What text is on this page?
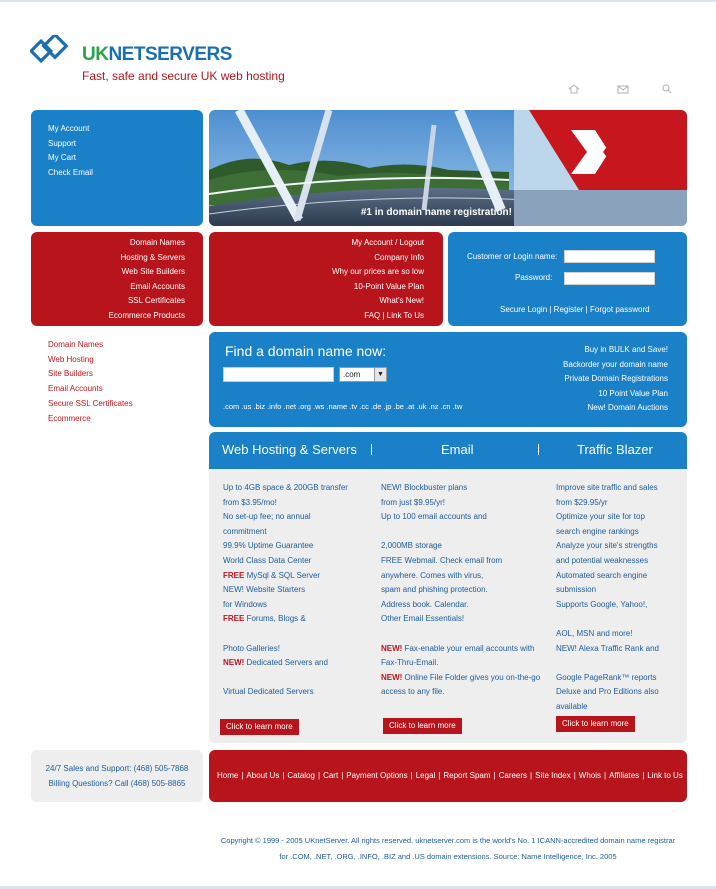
UKNETSERVERS
Fast, safe and secure UK web hosting
My Account
Support
My Cart
Check Email
#1 in domain name registration!
Domain Names
Hosting & Servers
Web Site Builders
Email Accounts
SSL Certificates
Ecommerce Products
My Account / Logout
Company Info
Why our prices are so low
10-Point Value Plan
What's New!
FAQ | Link To Us
Customer or Login name:
Password:
Secure Login | Register | Forgot password
Domain Names
Web Hosting
Site Builders
Email Accounts
Secure SSL Certificates
Ecommerce
Find a domain name now:
.com	▼
.com .us .biz .info .net .org .ws .name .tv .cc .de .jp .be .at .uk .nz .cn .tw
Buy in BULK and Save!
Backorder your domain name
Private Domain Registrations
10 Point Value Plan
New! Domain Auctions
Web Hosting & Servers	Email	Traffic Blazer
Up to 4GB space & 200GB transfer
from $3.95/mo!
No set-up fee; no annual
commitment
99.9% Uptime Guarantee
World Class Data Center
FREE MySql & SQL Server
NEW! Website Starters
for Windows
FREE Forums, Blogs &

Photo Galleries!
NEW! Dedicated Servers and

Virtual Dedicated Servers
NEW! Blockbuster plans
from just $9.95/yr!
Up to 100 email accounts and

2,000MB storage
FREE Webmail. Check email from
anywhere. Comes with virus,
spam and phishing protection.
Address book. Calendar.
Other Email Essentials!

NEW! Fax-enable your email accounts with
Fax-Thru-Email.
NEW! Online File Folder gives you on-the-go
access to any file.
Improve site traffic and sales
from $29.95/yr
Optimize your site for top
search engine rankings
Analyze your site's strengths
and potential weaknesses
Automated search engine
submission
Supports Google, Yahoo!,

AOL, MSN and more!
NEW! Alexa Traffic Rank and

Google PageRank™ reports
Deluxe and Pro Editions also
available
Click to learn more	Click to learn more	Click to learn more
24/7 Sales and Support: (468) 505-7868
Billing Questions? Call (468) 505-8865
Home | About Us | Catalog | Cart | Payment Options | Legal | Report Spam | Careers | Site Index | Whois | Affiliates | Link to Us
Copyright © 1999 - 2005 UKnetServer. All rights reserved. uknetserver.com is the world's No. 1 ICANN-accredited domain name registrar
for .COM, .NET, .ORG, .INFO, .BIZ and .US domain extensions. Source: Name Intelligence, Inc. 2005
